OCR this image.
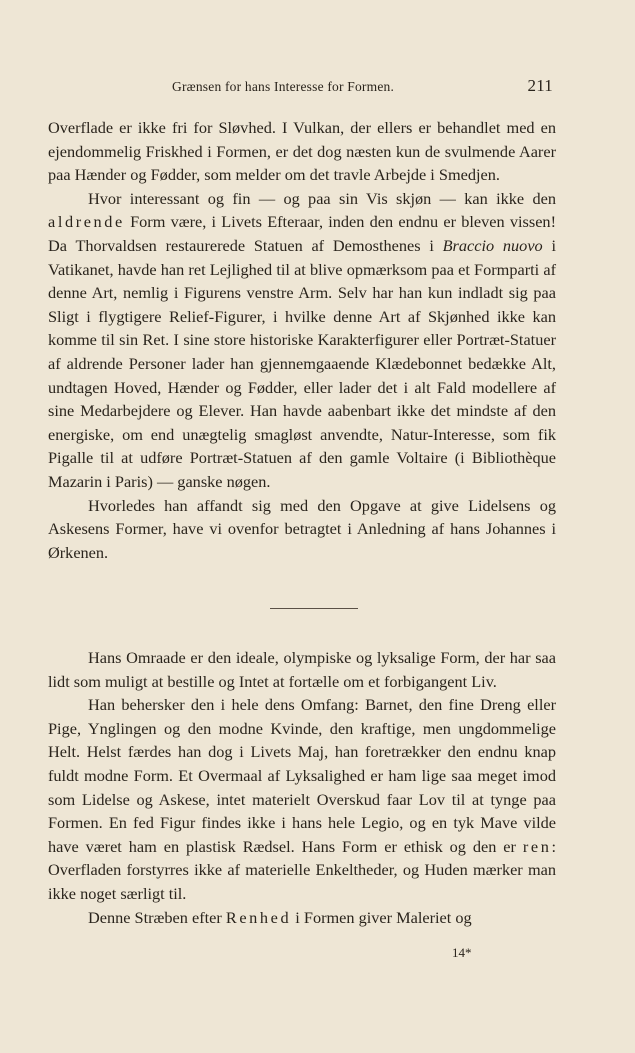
Grænsen for hans Interesse for Formen.	211

Overflade er ikke fri for Sløvhed. I Vulkan, der ellers er behandlet med en ejendommelig Friskhed i Formen, er det dog næsten kun de svulmende Aarer paa Hænder og Fødder, som melder om det travle Arbejde i Smedjen.

Hvor interessant og fin — og paa sin Vis skjøn — kan ikke den aldrende Form være, i Livets Efteraar, inden den endnu er bleven vissen! Da Thorvaldsen restaurerede Statuen af Demosthenes i Braccio nuovo i Vatikanet, havde han ret Lejlighed til at blive opmærksom paa et Formparti af denne Art, nemlig i Figurens venstre Arm. Selv har han kun indladt sig paa Sligt i flygtigere Relief-Figurer, i hvilke denne Art af Skjønhed ikke kan komme til sin Ret. I sine store historiske Karakterfigurer eller Portræt-Statuer af aldrende Personer lader han gjennemgaaende Klædebonnet bedække Alt, undtagen Hoved, Hænder og Fødder, eller lader det i alt Fald modellere af sine Medarbejdere og Elever. Han havde aabenbart ikke det mindste af den energiske, om end unægtelig smagløst anvendte, Natur-Interesse, som fik Pigalle til at udføre Portræt-Statuen af den gamle Voltaire (i Bibliothèque Mazarin i Paris) — ganske nøgen.

Hvorledes han affandt sig med den Opgave at give Lidelsens og Askesens Former, have vi ovenfor betragtet i Anledning af hans Johannes i Ørkenen.

Hans Omraade er den ideale, olympiske og lyksalige Form, der har saa lidt som muligt at bestille og Intet at fortælle om et forbigangent Liv.

Han behersker den i hele dens Omfang: Barnet, den fine Dreng eller Pige, Ynglingen og den modne Kvinde, den kraftige, men ungdommelige Helt. Helst færdes han dog i Livets Maj, han foretrækker den endnu knap fuldt modne Form. Et Overmaal af Lyksalighed er ham lige saa meget imod som Lidelse og Askese, intet materielt Overskud faar Lov til at tynge paa Formen. En fed Figur findes ikke i hans hele Legio, og en tyk Mave vilde have været ham en plastisk Rædsel. Hans Form er ethisk og den er ren: Overfladen forstyrres ikke af materielle Enkeltheder, og Huden mærker man ikke noget særligt til.

Denne Stræben efter Renhed i Formen giver Maleriet og

14*
